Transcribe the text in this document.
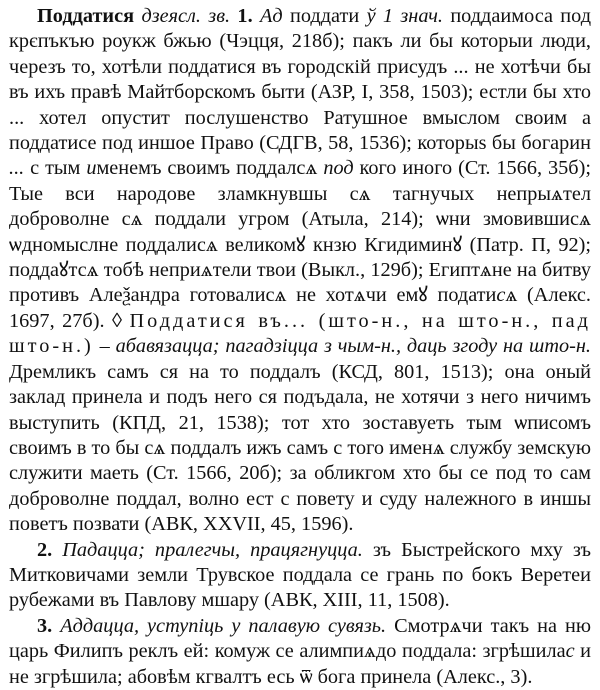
Поддатися дзеясл. зв. 1. Ад поддати ў 1 знач. поддаимоса под крєпъкъю роукж бжью (Чэцця, 218б); пакъ ли бы которыи люди, черезъ то, хотѣли поддатися въ городскій присудъ ... не хотѣчи бы въ ихъ правѣ Майтборскомъ быти (АЗР, I, 358, 1503); естли бы хто ... хотел опустит послушенство Ратушное вмыслом своим а поддатисе под иншое Право (СДГВ, 58, 1536); которыѕ бы богарин ... с тым именемъ своимъ поддалсѧ под кого иного (Ст. 1566, 35б); Тые вси народове зламкнувшы сѧ тагнучых непрыѧтел доброволне сѧ поддали угром (Атыла, 214); ѡни змовившисѧ ѡдномыслне поддалисѧ великомꙋ кнзю Кгидиминꙋ (Патр. П, 92); поддаꙋтсѧ тобѣ неприѧтели твои (Выкл., 129б); Египтѧне на битву противъ Алеѯандра готовалисѧ не хотѧчи емꙋ податисѧ (Алекс. 1697, 27б). ◊ Поддатися въ... (што-н., на што-н., пад што-н.) – абавязацца; пагадзіцца з чым-н., даць згоду на што-н. Дремликъ самъ ся на то поддалъ (КСД, 801, 1513); она оный заклад принела и подъ него ся подъдала, не хотячи з него ничимъ выступить (КПД, 21, 1538); тот хто зоставуеть тым ѡписомъ своимъ в то бы сѧ поддалъ ижъ самъ с того именѧ службу земскую служити маеть (Ст. 1566, 20б); за обликгом хто бы се под то сам доброволне поддал, волно ест с повету и суду належного в иншы поветъ позвати (АВК, XXVII, 45, 1596).

2. Падацца; пралегчы, працягнуцца. зъ Быстрейского мху зъ Митковичами земли Трувское поддала се грань по бокъ Веретеи рубежами въ Павлову мшару (АВК, XIII, 11, 1508).

3. Аддацца, уступіць у палавую сувязь. Смотрѧчи такъ на ню царь Филипъ реклъ ей: комуж се алимпиѧдо поддала: згрѣшилас и не згрѣшила; абовѣм кгвалтъ есь ѿ бога принела (Алекс., 3).
